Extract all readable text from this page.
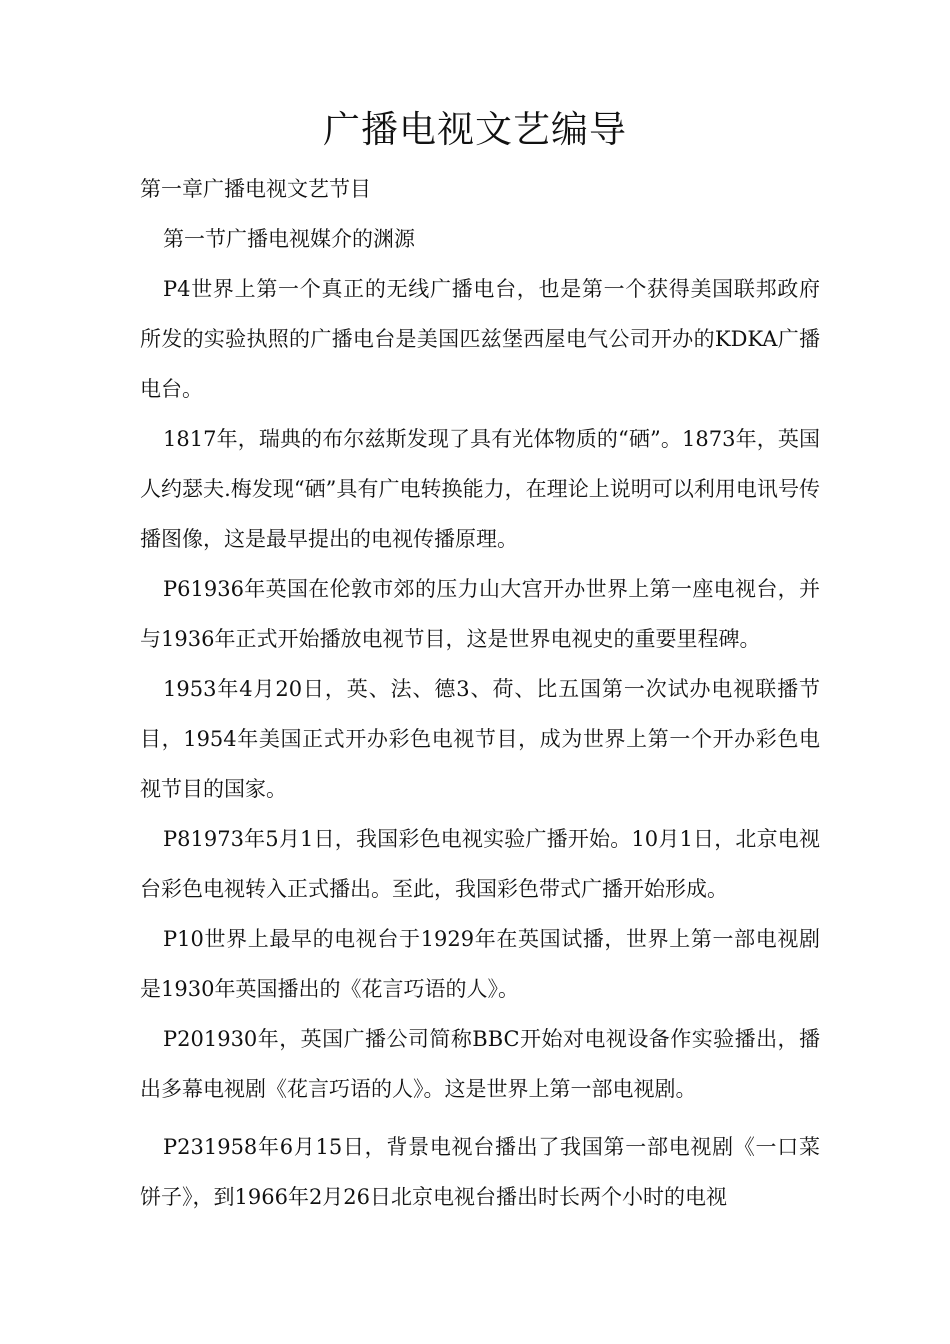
广播电视文艺编导

第一章广播电视文艺节目

第一节广播电视媒介的渊源

P4世界上第一个真正的无线广播电台，也是第一个获得美国联邦政府所发的实验执照的广播电台是美国匹兹堡西屋电气公司开办的KDKA广播电台。

1817年，瑞典的布尔兹斯发现了具有光体物质的“硒”。1873年，英国人约瑟夫.梅发现“硒”具有广电转换能力，在理论上说明可以利用电讯号传播图像，这是最早提出的电视传播原理。

P61936年英国在伦敦市郊的压力山大宫开办世界上第一座电视台，并与1936年正式开始播放电视节目，这是世界电视史的重要里程碑。

1953年4月20日，英、法、德3、荷、比五国第一次试办电视联播节目，1954年美国正式开办彩色电视节目，成为世界上第一个开办彩色电视节目的国家。

P81973年5月1日，我国彩色电视实验广播开始。10月1日，北京电视台彩色电视转入正式播出。至此，我国彩色带式广播开始形成。

P10世界上最早的电视台于1929年在英国试播，世界上第一部电视剧是1930年英国播出的《花言巧语的人》。

P201930年，英国广播公司简称BBC开始对电视设备作实验播出，播出多幕电视剧《花言巧语的人》。这是世界上第一部电视剧。

P231958年6月15日，背景电视台播出了我国第一部电视剧《一口菜饼子》，到1966年2月26日北京电视台播出时长两个小时的电视
